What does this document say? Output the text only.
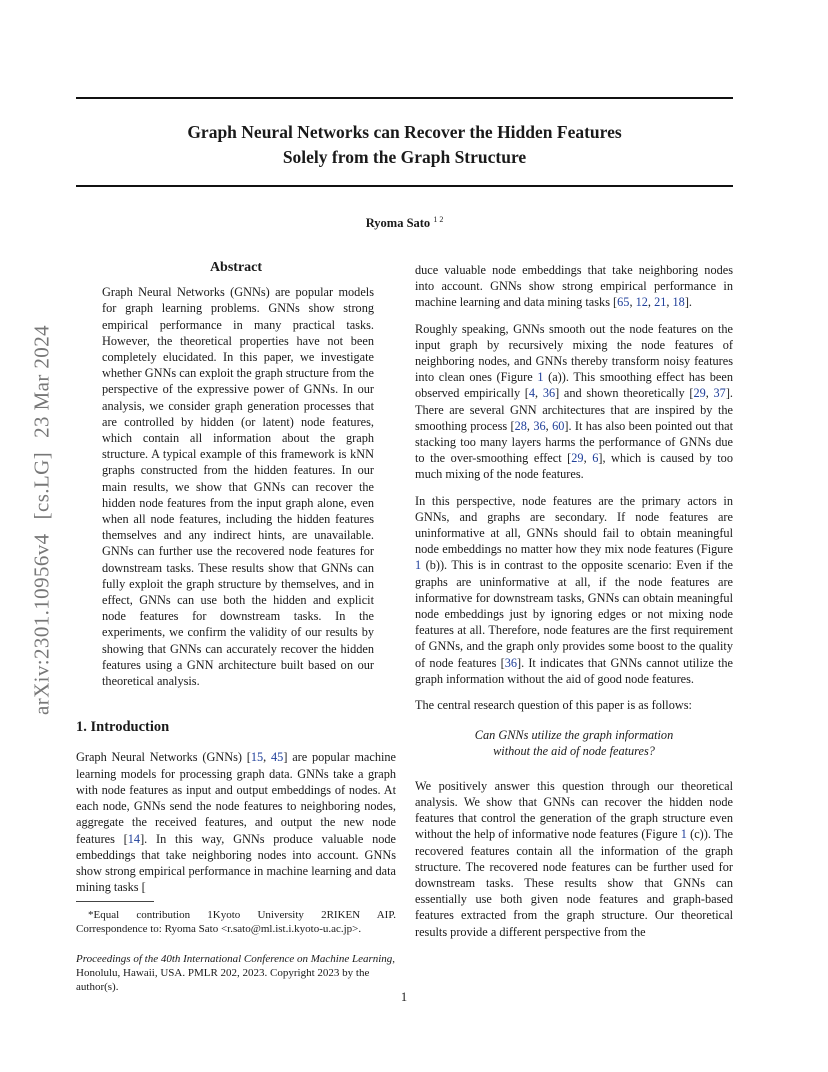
Graph Neural Networks can Recover the Hidden Features
Solely from the Graph Structure
Ryoma Sato $^{1 2}$
arXiv:2301.10956v4[cs.LG]23 Mar 2024
Abstract

Graph Neural Networks (GNNs) are popular models for graph learning problems. GNNs show strong empirical performance in many practical tasks. However, the theoretical properties have not been completely elucidated. In this paper, we investigate whether GNNs can exploit the graph structure from the perspective of the expressive power of GNNs. In our analysis, we consider graph generation processes that are controlled by hidden (or latent) node features, which contain all information about the graph structure. A typical example of this framework is kNN graphs constructed from the hidden features. In our main results, we show that GNNs can recover the hidden node features from the input graph alone, even when all node features, including the hidden features themselves and any indirect hints, are unavailable. GNNs can further use the recovered node features for downstream tasks. These results show that GNNs can fully exploit the graph structure by themselves, and in effect, GNNs can use both the hidden and explicit node features for downstream tasks. In the experiments, we confirm the validity of our results by showing that GNNs can accurately recover the hidden features using a GNN architecture built based on our theoretical analysis.

1. Introduction

Graph Neural Networks (GNNs) [15, 45] are popular machine learning models for processing graph data. GNNs take a graph with node features as input and output embeddings of nodes. At each node, GNNs send the node features to neighboring nodes, aggregate the received features, and output the new node features [14]. In this way, GNNs produce valuable node embeddings that take neighboring nodes into account. GNNs show strong empirical performance in machine learning and data mining tasks [

*Equal contribution 1Kyoto University 2RIKEN AIP. Correspondence to: Ryoma Sato <r.sato@ml.ist.i.kyoto-u.ac.jp>.

Proceedings of the 40th International Conference on Machine Learning, Honolulu, Hawaii, USA. PMLR 202, 2023. Copyright 2023 by the author(s).

duce valuable node embeddings that take neighboring nodes into account. GNNs show strong empirical performance in machine learning and data mining tasks [65, 12, 21, 18].

Roughly speaking, GNNs smooth out the node features on the input graph by recursively mixing the node features of neighboring nodes, and GNNs thereby transform noisy features into clean ones (Figure 1 (a)). This smoothing effect has been observed empirically [4, 36] and shown theoretically [29, 37]. There are several GNN architectures that are inspired by the smoothing process [28, 36, 60]. It has also been pointed out that stacking too many layers harms the performance of GNNs due to the over-smoothing effect [29, 6], which is caused by too much mixing of the node features.

In this perspective, node features are the primary actors in GNNs, and graphs are secondary. If node features are uninformative at all, GNNs should fail to obtain meaningful node embeddings no matter how they mix node features (Figure 1 (b)). This is in contrast to the opposite scenario: Even if the graphs are uninformative at all, if the node features are informative for downstream tasks, GNNs can obtain meaningful node embeddings just by ignoring edges or not mixing node features at all. Therefore, node features are the first requirement of GNNs, and the graph only provides some boost to the quality of node features [36]. It indicates that GNNs cannot utilize the graph information without the aid of good node features.

The central research question of this paper is as follows:

Can GNNs utilize the graph information
without the aid of node features?

We positively answer this question through our theoretical analysis. We show that GNNs can recover the hidden node features that control the generation of the graph structure even without the help of informative node features (Figure 1 (c)). The recovered features contain all the information of the graph structure. The recovered node features can be further used for downstream tasks. These results show that GNNs can essentially use both given node features and graph-based features extracted from the graph structure. Our theoretical results provide a different perspective from the

1
